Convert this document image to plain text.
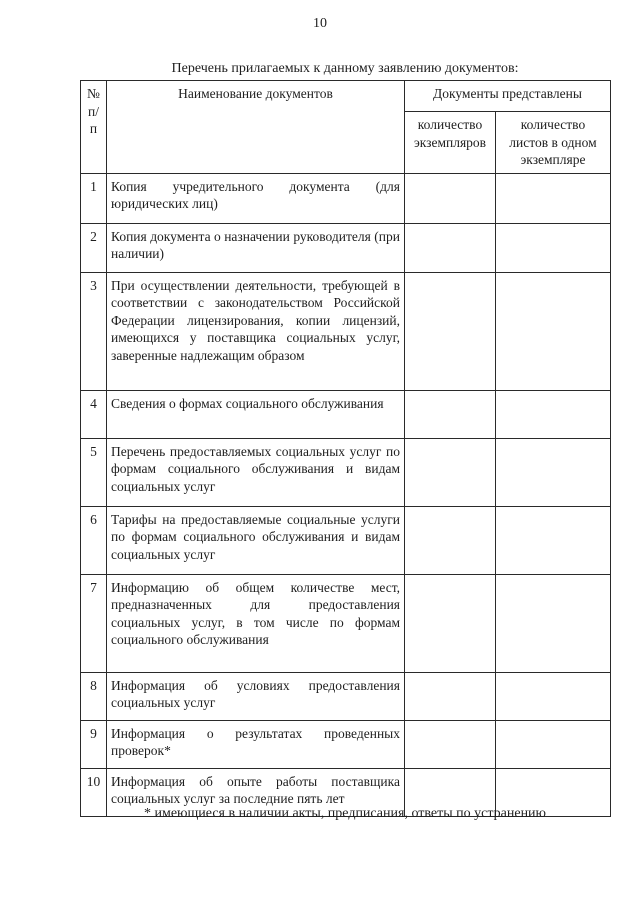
10
Перечень прилагаемых к данному заявлению документов:
№ п/п	Наименование документов	Документы представлены	
		количество экземпляров	количество листов в одном экземпляре
1	Копия учредительного документа (для юридических лиц)		
2	Копия документа о назначении руководителя (при наличии)		
3	При осуществлении деятельности, требующей в соответствии с законодательством Российской Федерации лицензирования, копии лицензий, имеющихся у поставщика социальных услуг, заверенные надлежащим образом		
4	Сведения о формах социального обслуживания		
5	Перечень предоставляемых социальных услуг по формам социального обслуживания и видам социальных услуг		
6	Тарифы на предоставляемые социальные услуги по формам социального обслуживания и видам социальных услуг		
7	Информацию об общем количестве мест, предназначенных для предоставления социальных услуг, в том числе по формам социального обслуживания		
8	Информация об условиях предоставления социальных услуг		
9	Информация о результатах проведенных проверок*		
10	Информация об опыте работы поставщика социальных услуг за последние пять лет		
* имеющиеся в наличии акты, предписания, ответы по устранению
